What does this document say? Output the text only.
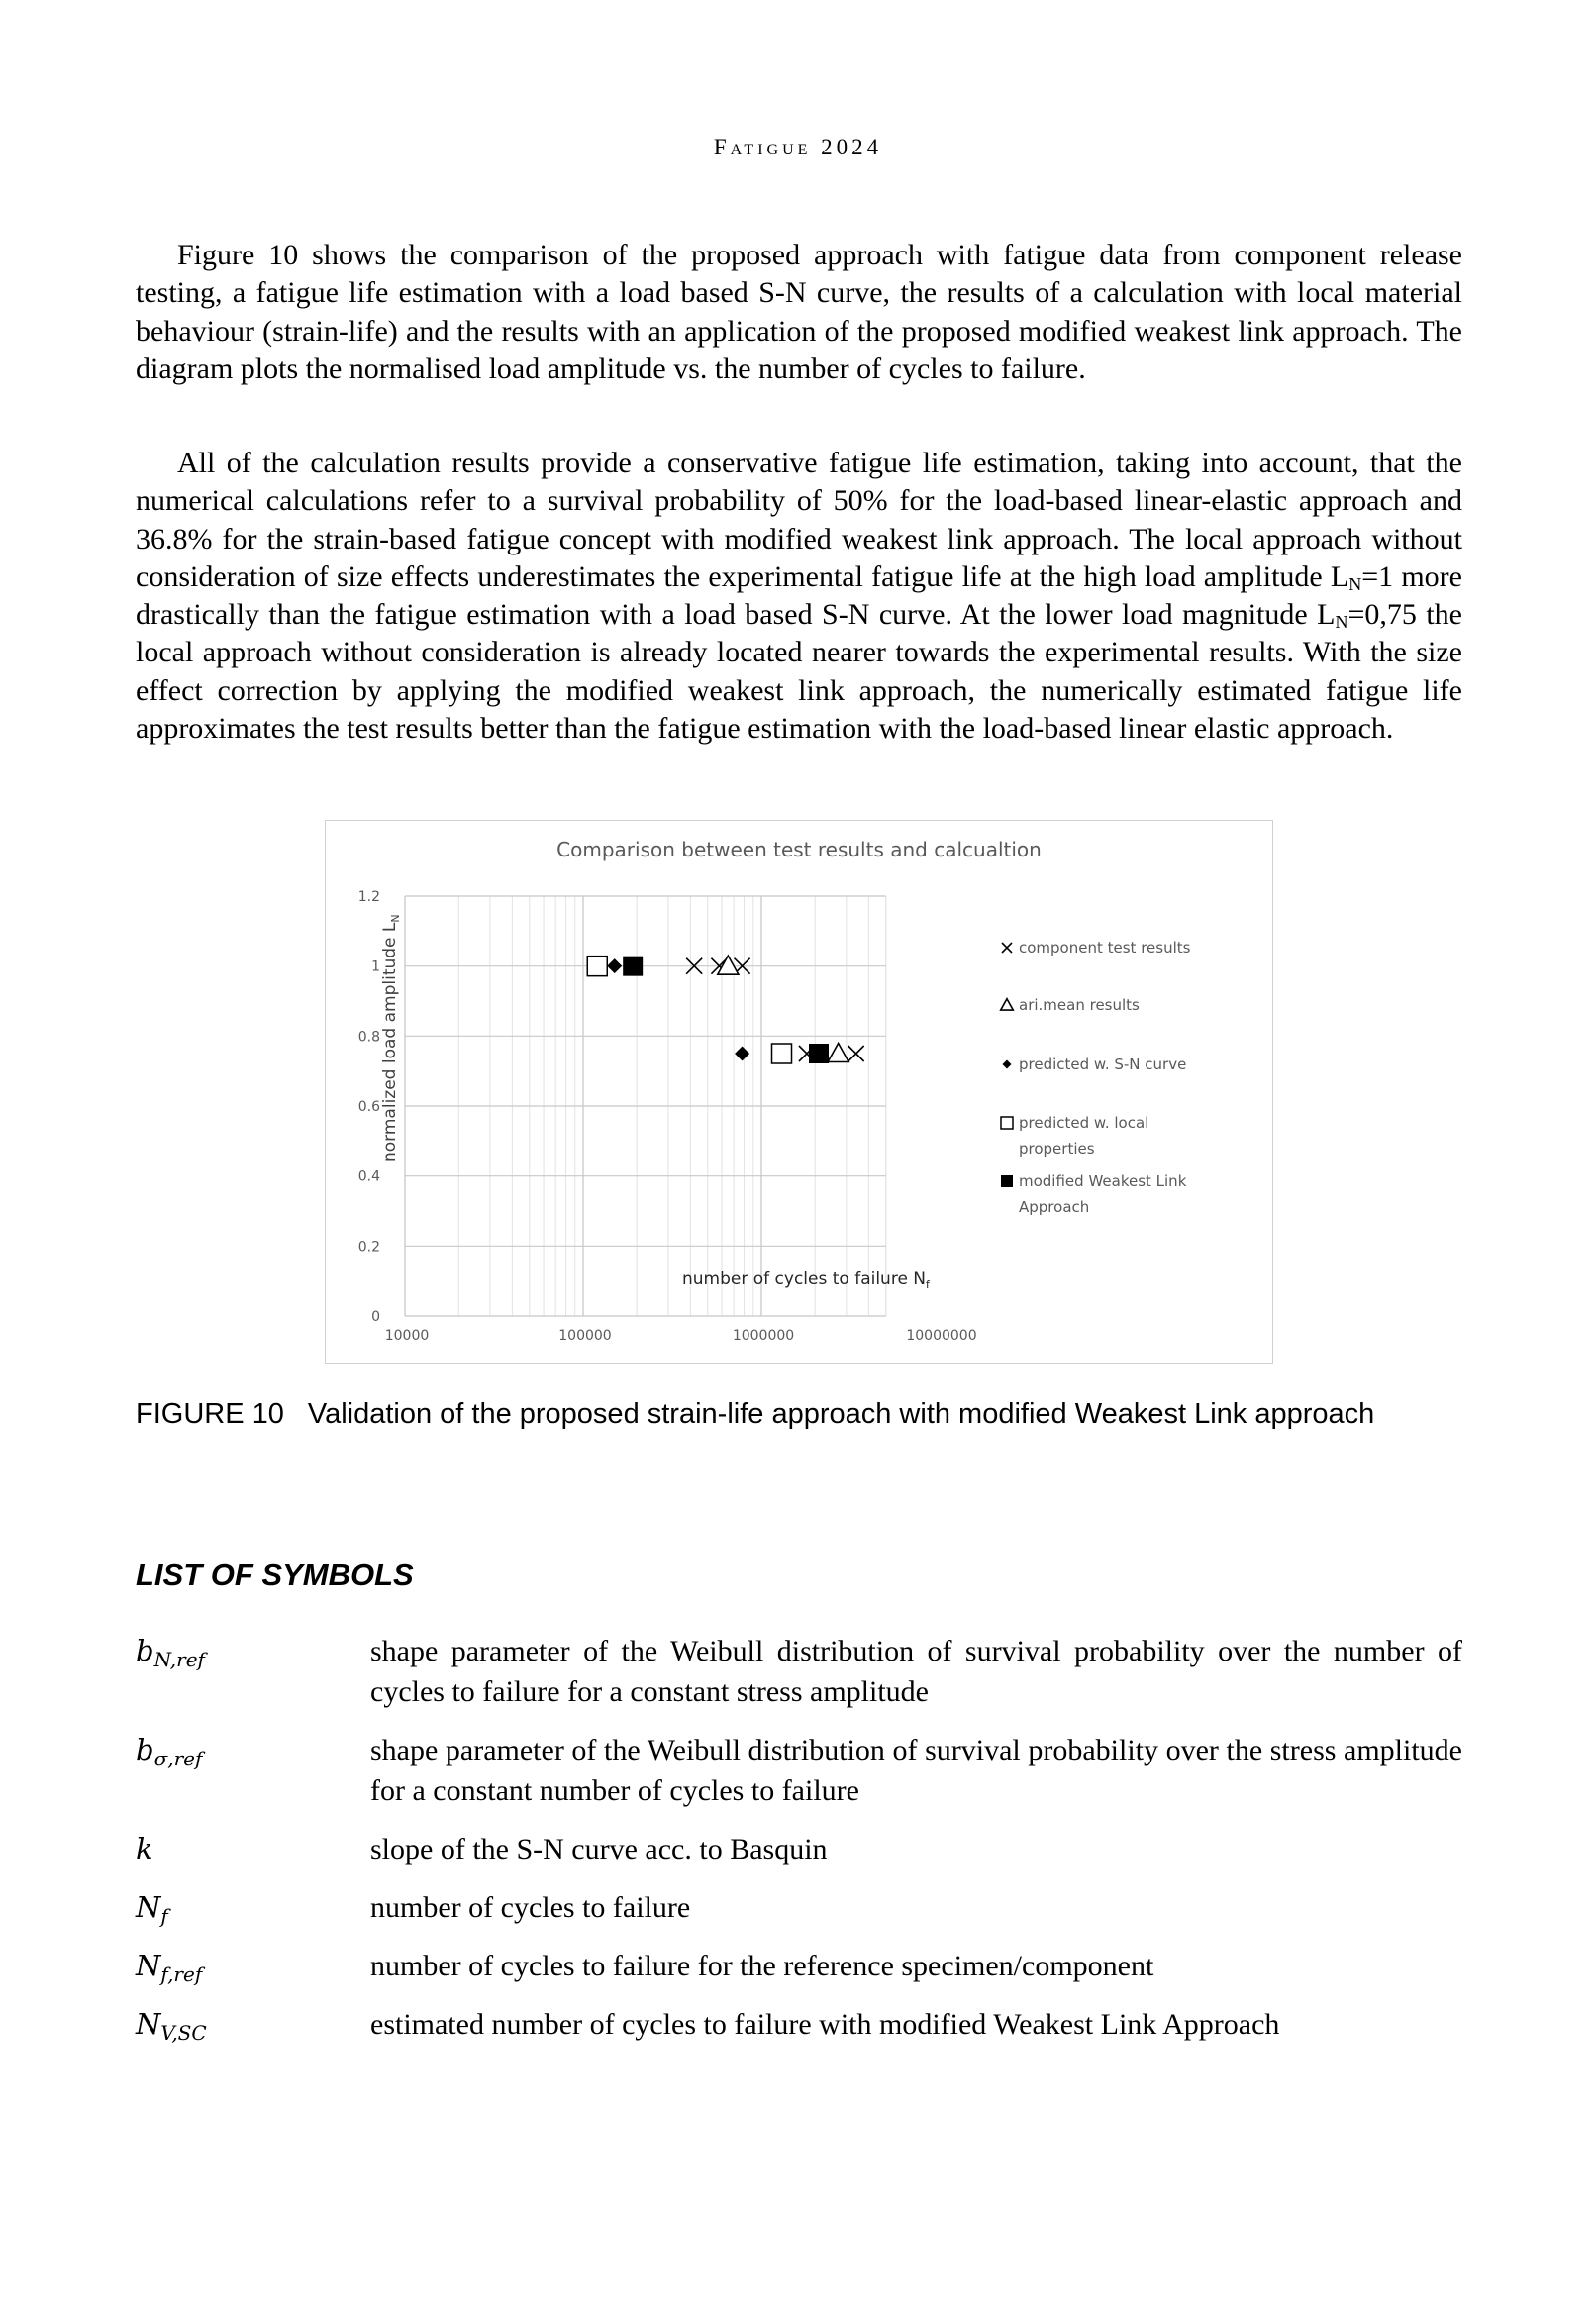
Fatigue 2024

Figure 10 shows the comparison of the proposed approach with fatigue data from component release testing, a fatigue life estimation with a load based S-N curve, the results of a calculation with local material behaviour (strain-life) and the results with an application of the proposed modified weakest link approach. The diagram plots the normalised load amplitude vs. the number of cycles to failure.

All of the calculation results provide a conservative fatigue life estimation, taking into account, that the numerical calculations refer to a survival probability of 50% for the load-based linear-elastic approach and 36.8% for the strain-based fatigue concept with modified weakest link approach. The local approach without consideration of size effects underestimates the experimental fatigue life at the high load amplitude $L_N=1$ more drastically than the fatigue estimation with a load based S-N curve. At the lower load magnitude $L_N=0,75$ the local approach without consideration is already located nearer towards the experimental results. With the size effect correction by applying the modified weakest link approach, the numerically estimated fatigue life approximates the test results better than the fatigue estimation with the load-based linear elastic approach.

Comparison between test results and calcualtion
0
0.2
0.4
0.6
0.8
1
1.2
10000	100000	1000000	10000000
component test results
ari.mean results
predicted w. S-N curve
predicted w. local
properties
modified Weakest Link
Approach
normalized load amplitude $L_N$
number of cycles to failure $N_f$
FIGURE 10 Validation of the proposed strain-life approach with modified Weakest Link approach
LIST OF SYMBOLS
$b_{N,ref}$	shape parameter of the Weibull distribution of survival probability over the number of cycles to failure for a constant stress amplitude
$b_{\sigma,ref}$	shape parameter of the Weibull distribution of survival probability over the stress amplitude for a constant number of cycles to failure
k	slope of the S-N curve acc. to Basquin
$N_f$	number of cycles to failure
$N_{f,ref}$	number of cycles to failure for the reference specimen/component
$N_{V,SC}$	estimated number of cycles to failure with modified Weakest Link Approach
